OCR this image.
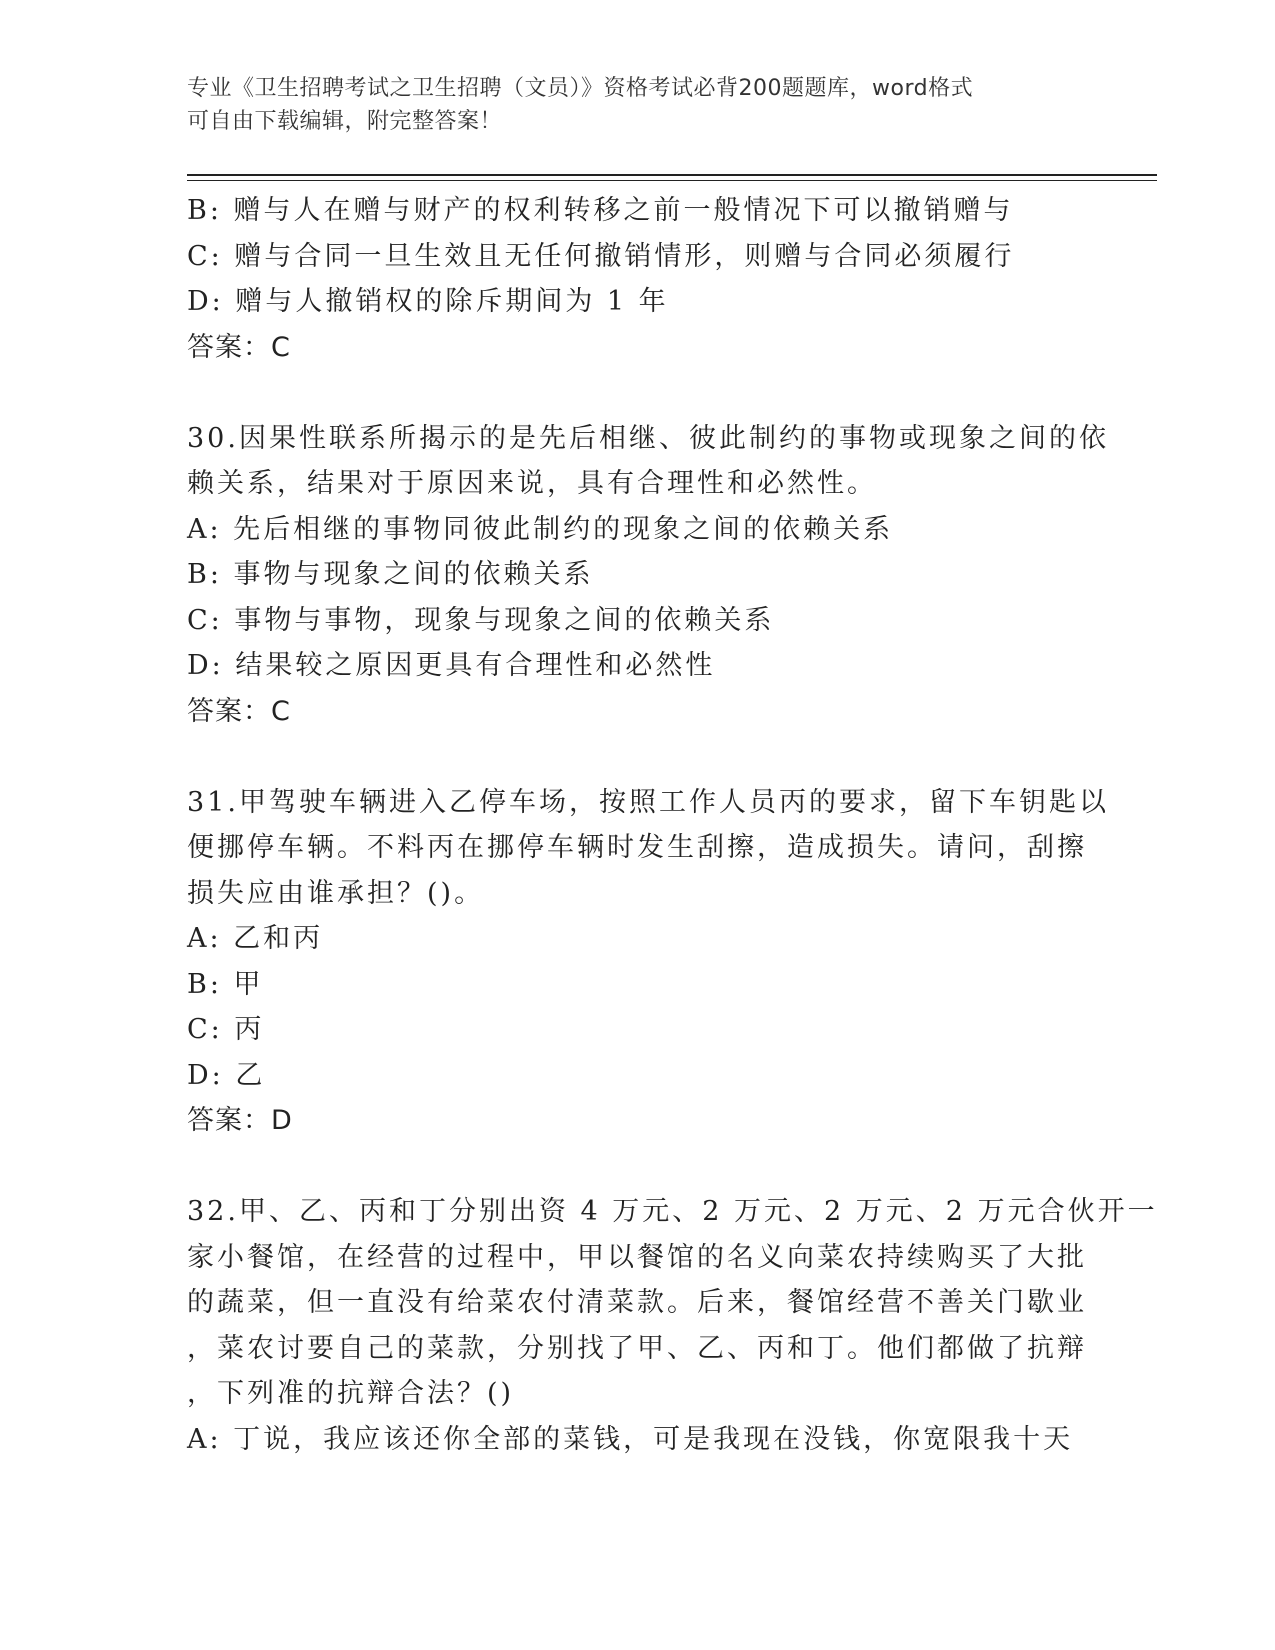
专业《卫生招聘考试之卫生招聘（文员）》资格考试必背200题题库，word格式
可自由下载编辑，附完整答案！
B: 赠与人在赠与财产的权利转移之前一般情况下可以撤销赠与
C: 赠与合同一旦生效且无任何撤销情形，则赠与合同必须履行
D: 赠与人撤销权的除斥期间为 1 年
答案：C
30.因果性联系所揭示的是先后相继、彼此制约的事物或现象之间的依
赖关系，结果对于原因来说，具有合理性和必然性。
A: 先后相继的事物同彼此制约的现象之间的依赖关系
B: 事物与现象之间的依赖关系
C: 事物与事物，现象与现象之间的依赖关系
D: 结果较之原因更具有合理性和必然性
答案：C
31.甲驾驶车辆进入乙停车场，按照工作人员丙的要求，留下车钥匙以
便挪停车辆。不料丙在挪停车辆时发生刮擦，造成损失。请问，刮擦
损失应由谁承担？()。
A: 乙和丙
B: 甲
C: 丙
D: 乙
答案：D
32.甲、乙、丙和丁分别出资 4 万元、2 万元、2 万元、2 万元合伙开一
家小餐馆，在经营的过程中，甲以餐馆的名义向菜农持续购买了大批
的蔬菜，但一直没有给菜农付清菜款。后来，餐馆经营不善关门歇业
，菜农讨要自己的菜款，分别找了甲、乙、丙和丁。他们都做了抗辩
，下列准的抗辩合法？()
A: 丁说，我应该还你全部的菜钱，可是我现在没钱，你宽限我十天
